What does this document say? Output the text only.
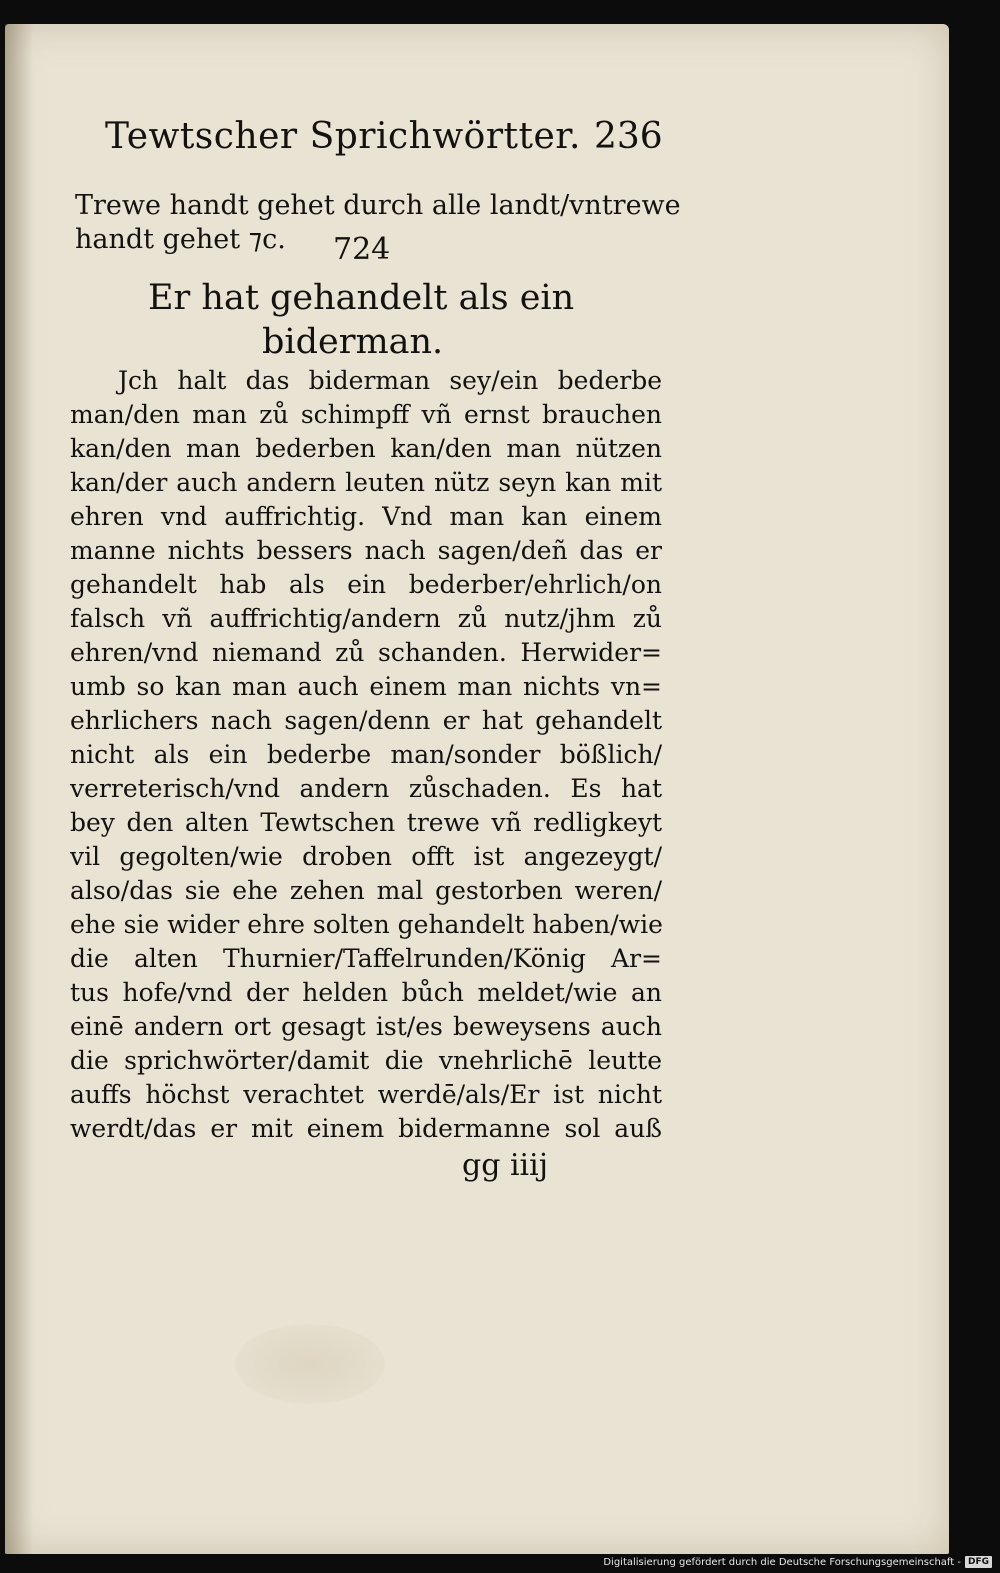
Tewtscher Sprichwörtter. 236
Trewe handt gehet durch alle landt/vntrewe
handt gehet ⁊c. 724
Er hat gehandelt als ein
biderman.
Jch halt das biderman sey/ein bederbe
man/den man zů schimpff vñ ernst brauchen
kan/den man bederben kan/den man nützen
kan/der auch andern leuten nütz seyn kan mit
ehren vnd auffrichtig. Vnd man kan einem
manne nichts bessers nach sagen/deñ das er
gehandelt hab als ein bederber/ehrlich/on
falsch vñ auffrichtig/andern zů nutz/jhm zů
ehren/vnd niemand zů schanden. Herwider=
umb so kan man auch einem man nichts vn=
ehrlichers nach sagen/denn er hat gehandelt
nicht als ein bederbe man/sonder bößlich/
verreterisch/vnd andern zůschaden. Es hat
bey den alten Tewtschen trewe vñ redligkeyt
vil gegolten/wie droben offt ist angezeygt/
also/das sie ehe zehen mal gestorben weren/
ehe sie wider ehre solten gehandelt haben/wie
die alten Thurnier/Taffelrunden/König Ar=
tus hofe/vnd der helden bůch meldet/wie an
einē andern ort gesagt ist/es beweysens auch
die sprichwörter/damit die vnehrlichē leutte
auffs höchst verachtet werdē/als/Er ist nicht
werdt/das er mit einem bidermanne sol auß
gg iiij
Digitalisierung gefördert durch die Deutsche Forschungsgemeinschaft - DFG
